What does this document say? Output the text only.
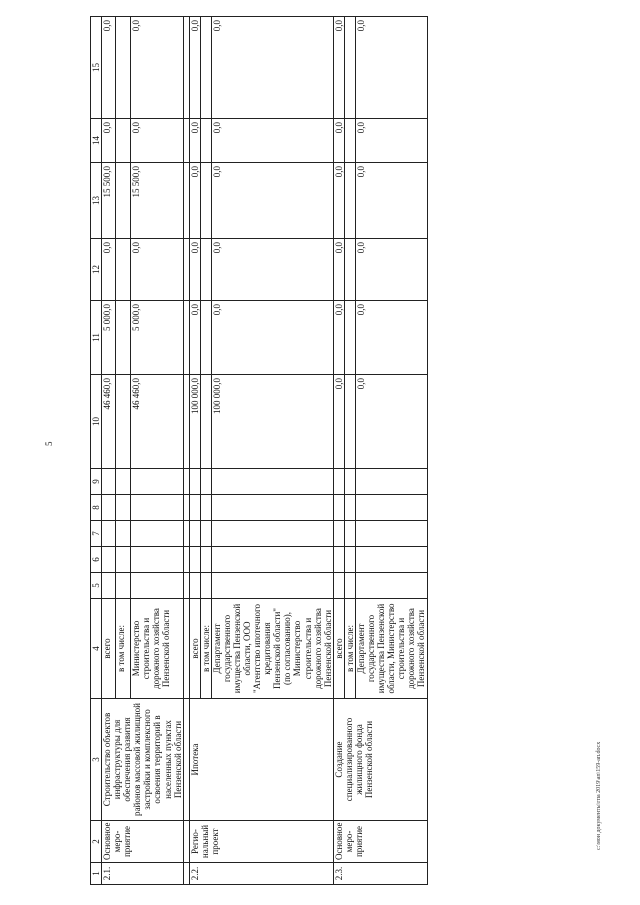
5
1	2	3	4	5	6	7	8	9	10	11	12	13	14	15
2.1.	Основное меро-приятие	Строительство объектов инфраструктуры для обеспечения развития районов массовой жилищной застройки и комплексного освоения территорий в населенных пунктах Пензенской области	всего						46 460,0	5 000,0	0,0	15 500,0	0,0	0,0
			в том числе:											
			Министерство строительства и дорожного хозяйства Пензенской области						46 460,0	5 000,0	0,0	15 500,0	0,0	0,0

2.2.	Регио-нальный проект	Ипотека	всего						100 000,0	0,0	0,0	0,0	0,0	0,0
			в том числе:											
			Департамент государственного имущества Пензенской области, ООО "Агентство ипотечного кредитования Пензенской области" (по согласованию), Министерство строительства и дорожного хозяйства Пензенской области						100 000,0	0,0	0,0	0,0	0,0	0,0
2.3.	Основное меро-приятие	Создание специализированного жилищного фонда Пензенской области	всего						0,0	0,0	0,0	0,0	0,0	0,0
			в том числе:											
			Департамент государственного имущества Пензенской области, Министерство строительства и дорожного хозяйства Пензенской области						0,0	0,0	0,0	0,0	0,0	0,0
c:\мои документы\гпа 2019\ап\159-ап.docx
